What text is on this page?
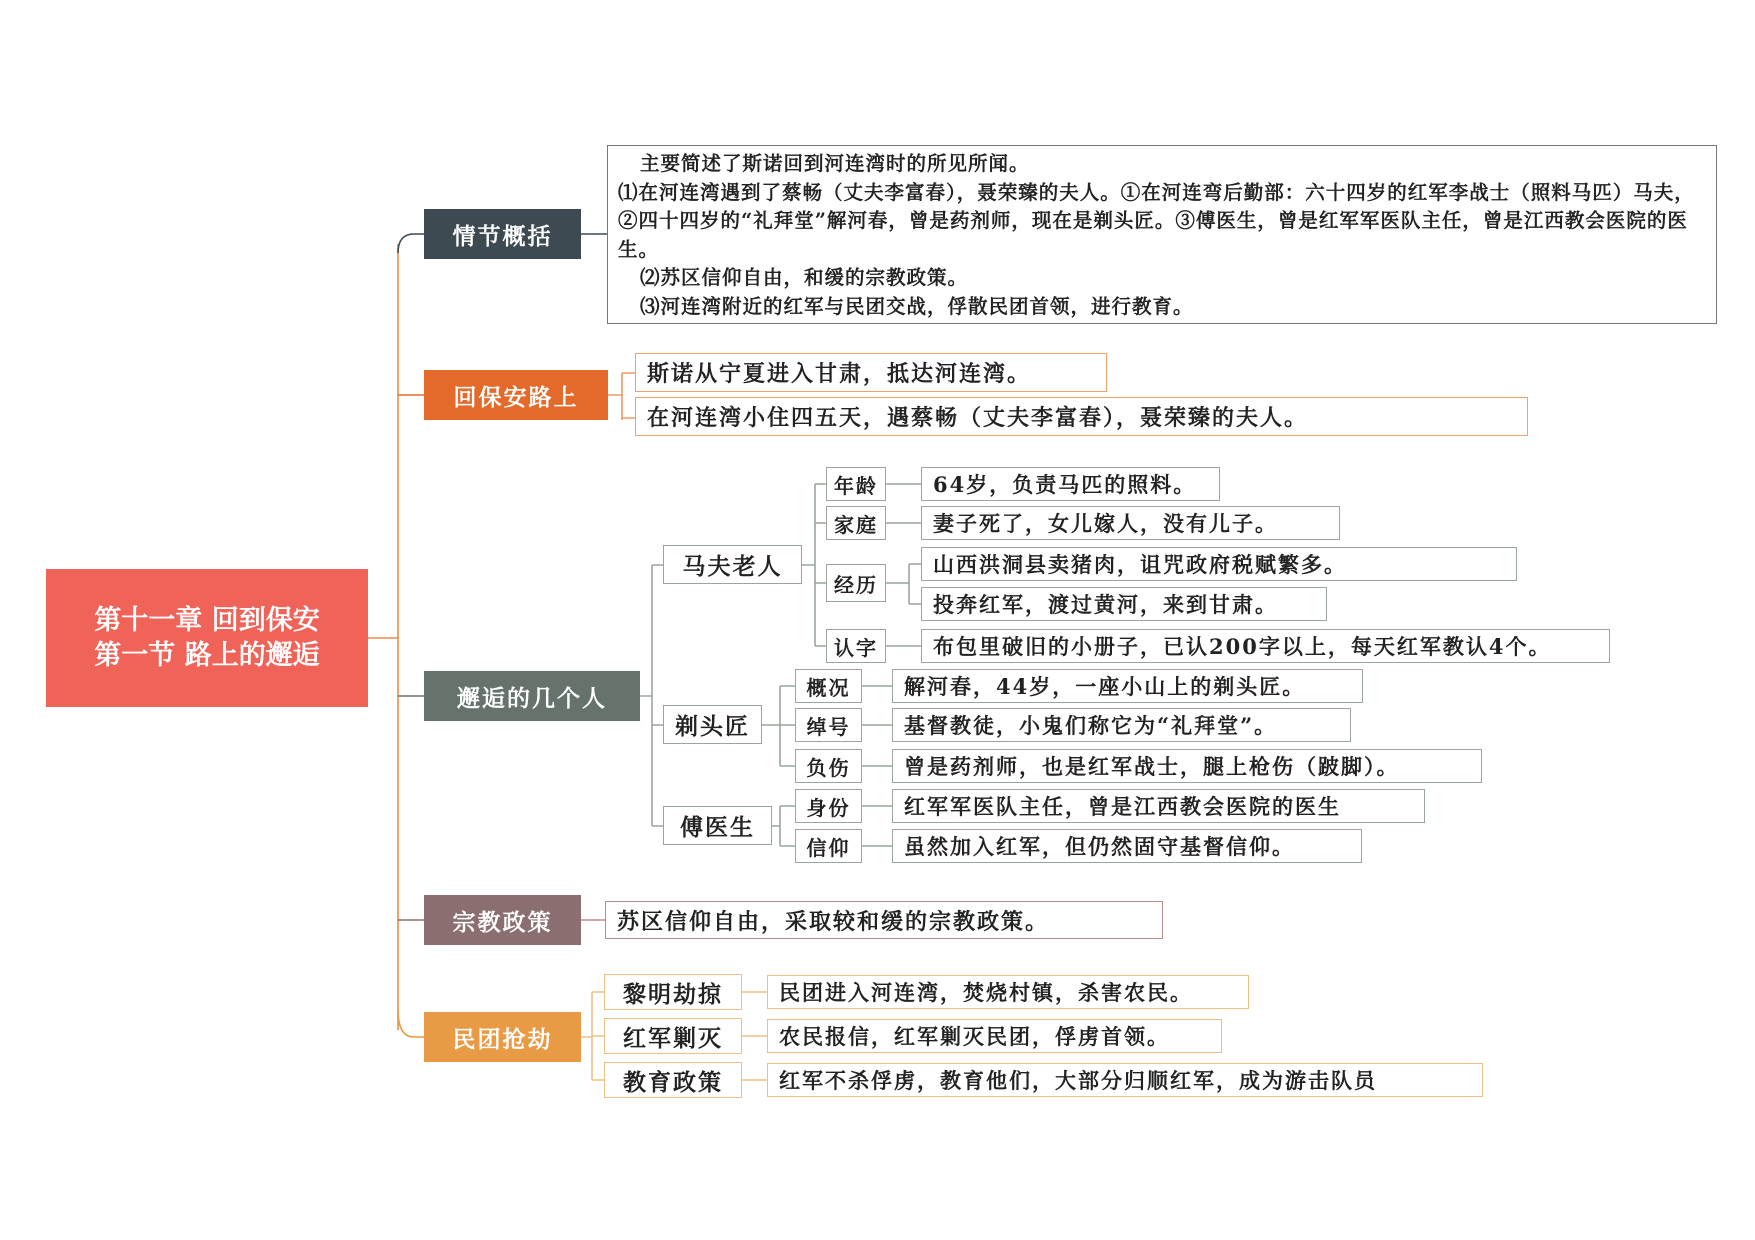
第十一章 回到保安
第一节 路上的邂逅
情节概括

主要简述了斯诺回到河连湾时的所见所闻。

⑴在河连湾遇到了蔡畅（丈夫李富春），聂荣臻的夫人。①在河连弯后勤部：六十四岁的红军李战士（照料马匹）马夫，②四十四岁的“礼拜堂”解河春，曾是药剂师，现在是剃头匠。③傅医生，曾是红军军医队主任，曾是江西教会医院的医生。

⑵苏区信仰自由，和缓的宗教政策。

⑶河连湾附近的红军与民团交战，俘散民团首领，进行教育。

回保安路上
斯诺从宁夏进入甘肃，抵达河连湾。
在河连湾小住四五天，遇蔡畅（丈夫李富春），聂荣臻的夫人。
邂逅的几个人
马夫老人
年龄	64岁，负责马匹的照料。
家庭	妻子死了，女儿嫁人，没有儿子。
经历
山西洪洞县卖猪肉，诅咒政府税赋繁多。
投奔红军，渡过黄河，来到甘肃。
认字	布包里破旧的小册子，已认200字以上，每天红军教认4个。
剃头匠
概况	解河春，44岁，一座小山上的剃头匠。
绰号	基督教徒，小鬼们称它为“礼拜堂”。
负伤	曾是药剂师，也是红军战士，腿上枪伤（跛脚）。
傅医生
身份	红军军医队主任，曾是江西教会医院的医生
信仰	虽然加入红军，但仍然固守基督信仰。
宗教政策	苏区信仰自由，采取较和缓的宗教政策。
民团抢劫
黎明劫掠	民团进入河连湾，焚烧村镇，杀害农民。
红军剿灭	农民报信，红军剿灭民团，俘虏首领。
教育政策	红军不杀俘虏，教育他们，大部分归顺红军，成为游击队员
